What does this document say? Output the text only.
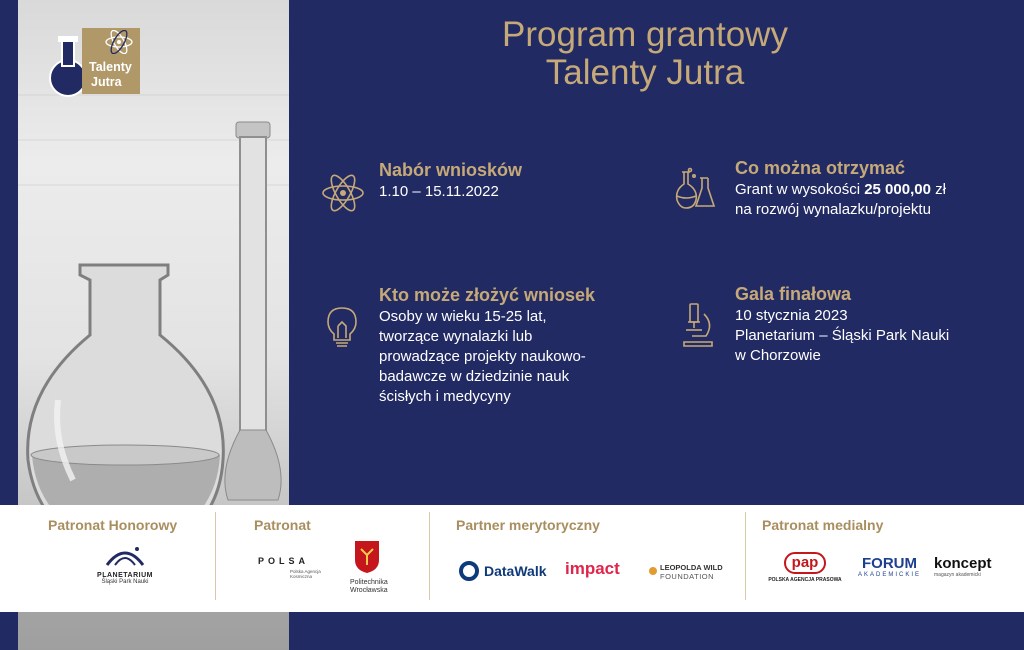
Talenty
Jutra
Program grantowy
Talenty Jutra
Nabór wniosków

1.10 – 15.11.2022

Co można otrzymać

Grant w wysokości 25 000,00 zł

na rozwój wynalazku/projektu

Kto może złożyć wniosek

Osoby w wieku 15-25 lat,

tworzące wynalazki lub

prowadzące projekty naukowo-

badawcze w dziedzinie nauk

ścisłych i medycyny

Gala finałowa

10 stycznia 2023

Planetarium – Śląski Park Nauki

w Chorzowie

Patronat Honorowy	Patronat	Partner merytoryczny	Patronat medialny
PLANETARIUM
Śląski Park Nauki
POLSA
Polska Agencja
Kosmiczna
Politechnika
Wrocławska
DataWalk impact	LEOPOLDA WILD
FOUNDATION
pap
POLSKA AGENCJA PRASOWA
FORUM
AKADEMICKIE
koncept
magazyn akademicki
